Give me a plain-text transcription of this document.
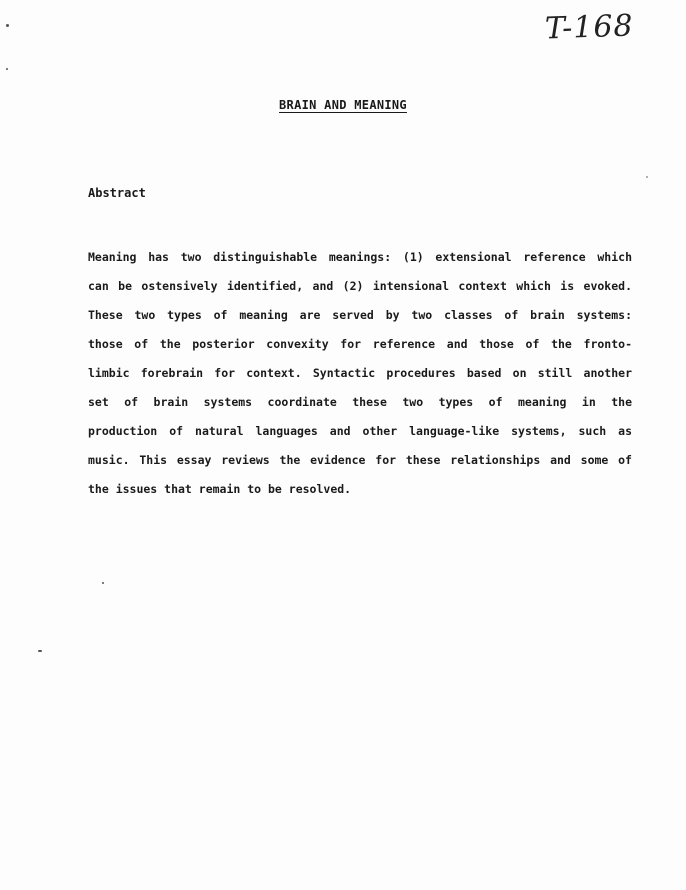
T-168
BRAIN AND MEANING
Abstract
Meaning has two distinguishable meanings: (1) extensional reference which
can be ostensively identified, and (2) intensional context which is evoked.
These two types of meaning are served by two classes of brain systems:
those of the posterior convexity for reference and those of the fronto-
limbic forebrain for context. Syntactic procedures based on still another
set of brain systems coordinate these two types of meaning in the
production of natural languages and other language-like systems, such as
music. This essay reviews the evidence for these relationships and some of
the issues that remain to be resolved.
